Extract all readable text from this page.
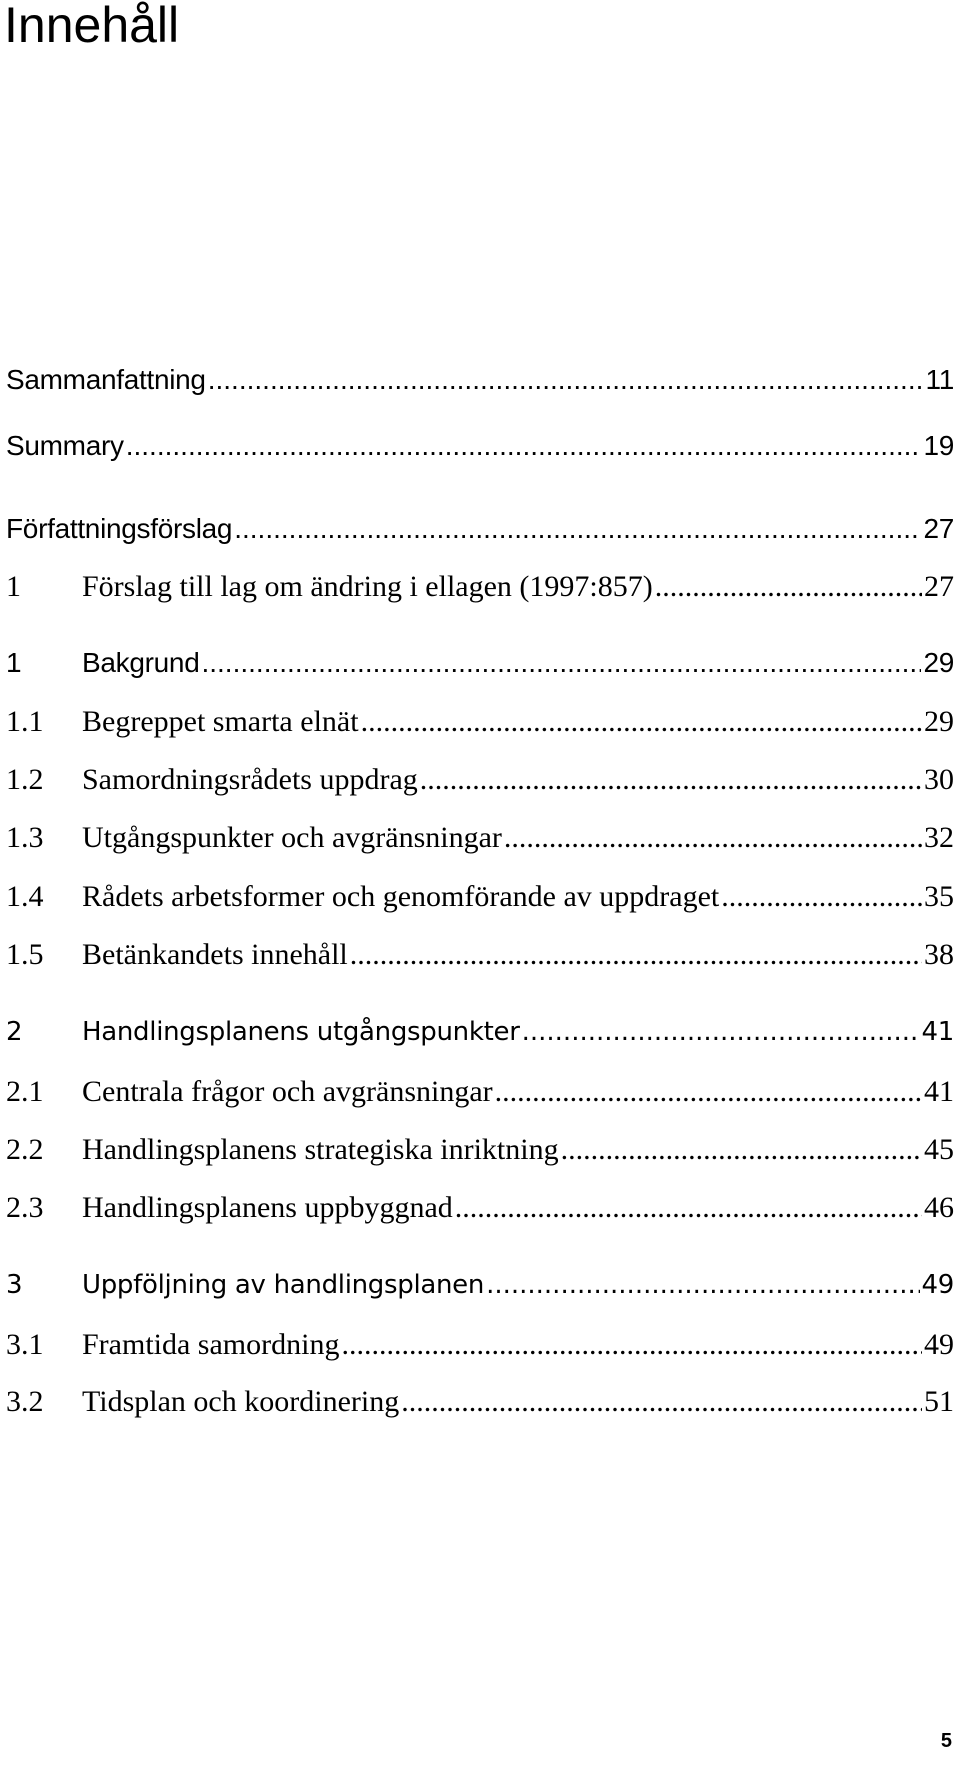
Innehåll
Sammanfattning .....	11
Summary .....	19
Författningsförslag .....	27
1	Förslag till lag om ändring i ellagen (1997:857) .....	27
1	Bakgrund .....	29
1.1	Begreppet smarta elnät .....	29
1.2	Samordningsrådets uppdrag .....	30
1.3	Utgångspunkter och avgränsningar .....	32
1.4	Rådets arbetsformer och genomförande av uppdraget .....	35
1.5	Betänkandets innehåll .....	38
2	Handlingsplanens utgångspunkter .....	41
2.1	Centrala frågor och avgränsningar .....	41
2.2	Handlingsplanens strategiska inriktning .....	45
2.3	Handlingsplanens uppbyggnad .....	46
3	Uppföljning av handlingsplanen .....	49
3.1	Framtida samordning .....	49
3.2	Tidsplan och koordinering .....	51
5
